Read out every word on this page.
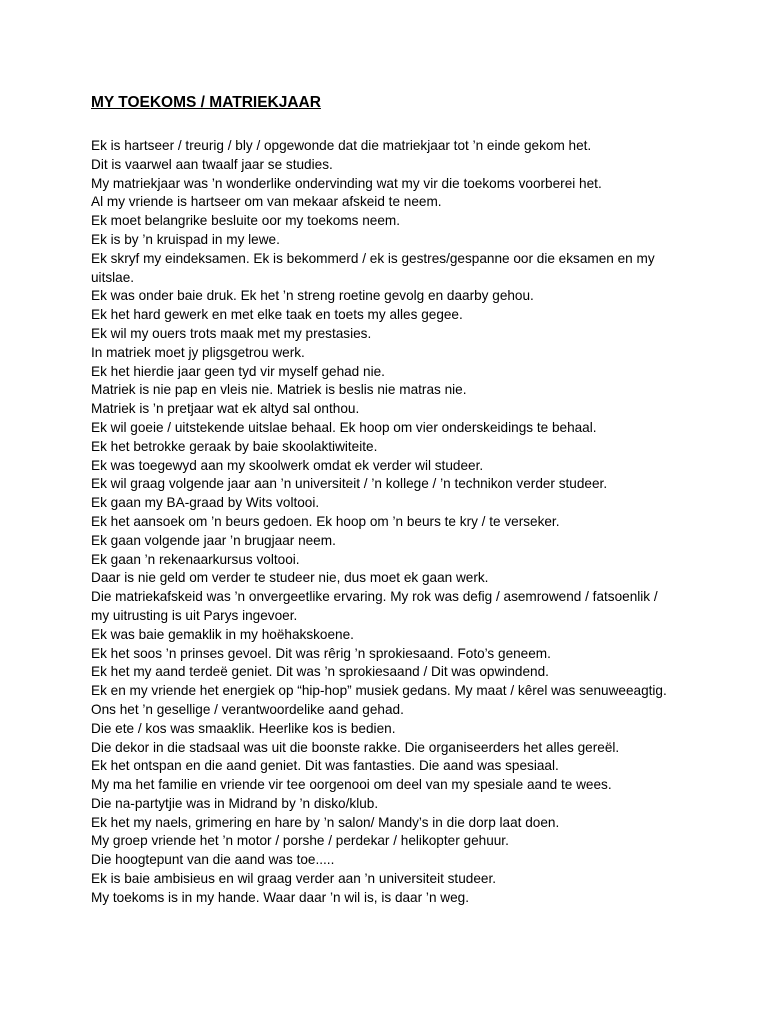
MY TOEKOMS / MATRIEKJAAR
Ek is hartseer / treurig / bly / opgewonde dat die matriekjaar tot ’n einde gekom het.
Dit is vaarwel aan twaalf jaar se studies.
My matriekjaar was ’n wonderlike ondervinding wat my vir die toekoms voorberei het.
Al my vriende is hartseer om van mekaar afskeid te neem.
Ek moet belangrike besluite oor my toekoms neem.
Ek is by ’n kruispad in my lewe.
Ek skryf my eindeksamen. Ek is bekommerd / ek is gestres/gespanne oor die eksamen en my
uitslae.
Ek was onder baie druk. Ek het ’n streng roetine gevolg en daarby gehou.
Ek het hard gewerk en met elke taak en toets my alles gegee.
Ek wil my ouers trots maak met my prestasies.
In matriek moet jy pligsgetrou werk.
Ek het hierdie jaar geen tyd vir myself gehad nie.
Matriek is nie pap en vleis nie. Matriek is beslis nie matras nie.
Matriek is ’n pretjaar wat ek altyd sal onthou.
Ek wil goeie / uitstekende uitslae behaal. Ek hoop om vier onderskeidings te behaal.
Ek het betrokke geraak by baie skoolaktiwiteite.
Ek was toegewyd aan my skoolwerk omdat ek verder wil studeer.
Ek wil graag volgende jaar aan ’n universiteit / ’n kollege / ’n technikon verder studeer.
Ek gaan my BA-graad by Wits voltooi.
Ek het aansoek om ’n beurs gedoen. Ek hoop om ’n beurs te kry / te verseker.
Ek gaan volgende jaar ’n brugjaar neem.
Ek gaan ’n rekenaarkursus voltooi.
Daar is nie geld om verder te studeer nie, dus moet ek gaan werk.
Die matriekafskeid was ’n onvergeetlike ervaring. My rok was defig / asemrowend / fatsoenlik /
my uitrusting is uit Parys ingevoer.
Ek was baie gemaklik in my hoëhakskoene.
Ek het soos ’n prinses gevoel. Dit was rêrig ’n sprokiesaand. Foto’s geneem.
Ek het my aand terdeë geniet. Dit was ’n sprokiesaand / Dit was opwindend.
Ek en my vriende het energiek op “hip-hop” musiek gedans. My maat / kêrel was senuweeagtig.
Ons het ’n gesellige / verantwoordelike aand gehad.
Die ete / kos was smaaklik. Heerlike kos is bedien.
Die dekor in die stadsaal was uit die boonste rakke. Die organiseerders het alles gereël.
Ek het ontspan en die aand geniet. Dit was fantasties. Die aand was spesiaal.
My ma het familie en vriende vir tee oorgenooi om deel van my spesiale aand te wees.
Die na-partytjie was in Midrand by ’n disko/klub.
Ek het my naels, grimering en hare by ’n salon/ Mandy’s in die dorp laat doen.
My groep vriende het ’n motor / porshe / perdekar / helikopter gehuur.
Die hoogtepunt van die aand was toe.....
Ek is baie ambisieus en wil graag verder aan ’n universiteit studeer.
My toekoms is in my hande. Waar daar ’n wil is, is daar ’n weg.
